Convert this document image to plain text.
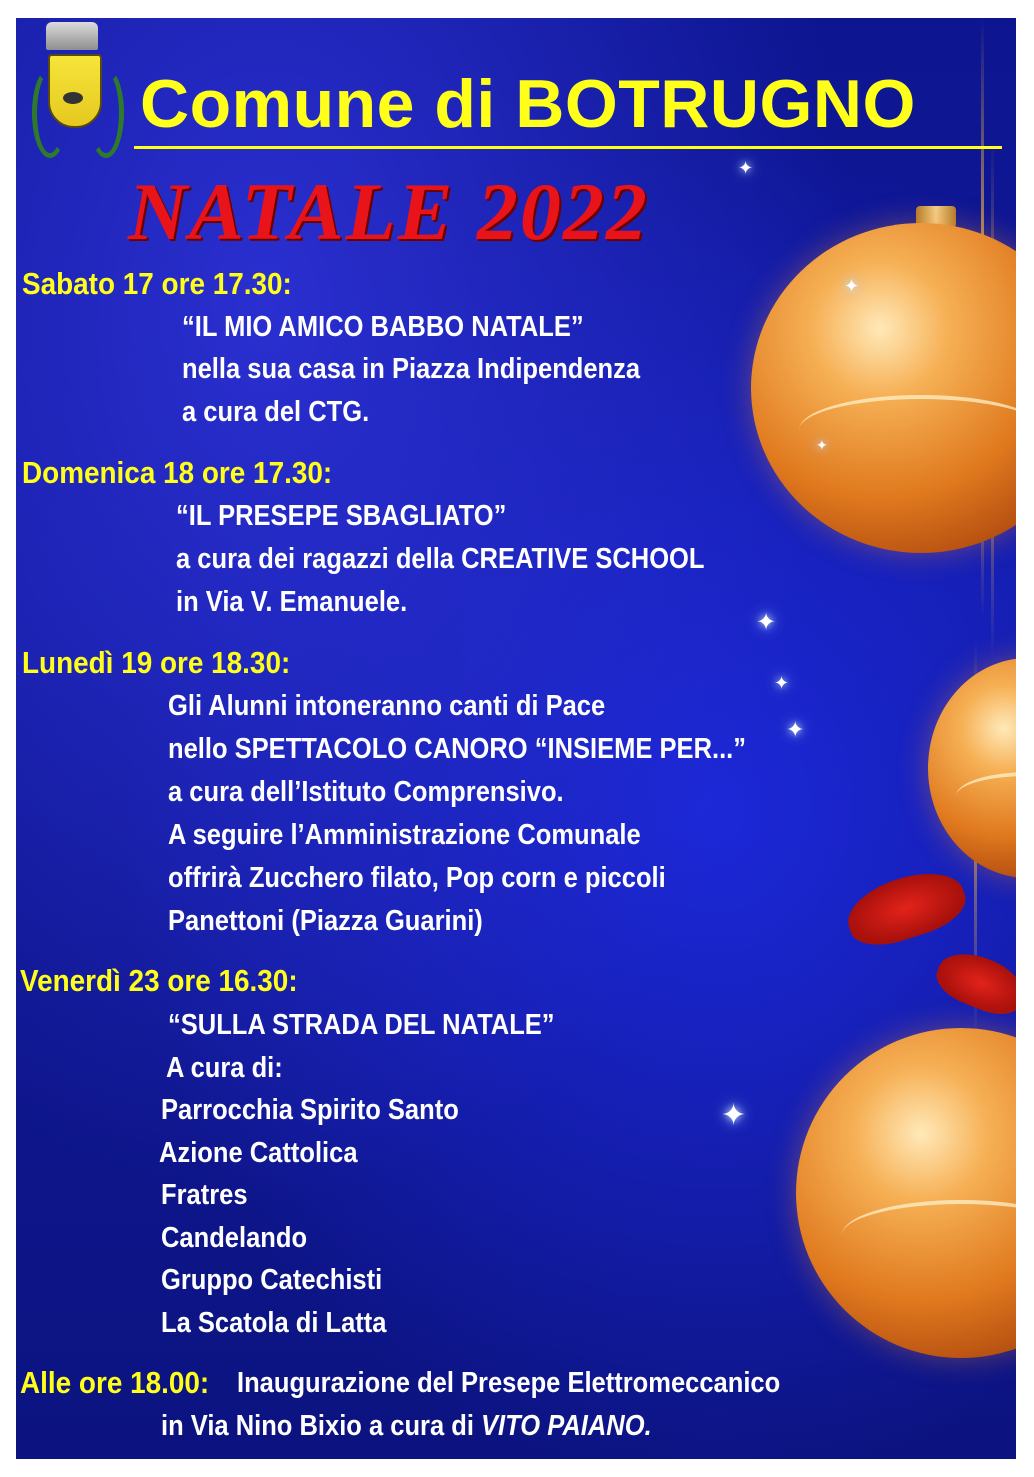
✦
✦
✦
✦
✦
✦
✦
Comune di BOTRUGNO
NATALE 2022
Sabato 17 ore 17.30:
“IL MIO AMICO BABBO NATALE”
nella sua casa in Piazza Indipendenza
a cura del CTG.
Domenica 18 ore 17.30:
“IL PRESEPE SBAGLIATO”
a cura dei ragazzi della CREATIVE SCHOOL
in Via V. Emanuele.
Lunedì 19 ore 18.30:
Gli Alunni intoneranno canti di Pace
nello SPETTACOLO CANORO “INSIEME PER...”
a cura dell’Istituto Comprensivo.
A seguire l’Amministrazione Comunale
offrirà Zucchero filato, Pop corn e piccoli
Panettoni (Piazza Guarini)
Venerdì 23 ore 16.30:
“SULLA STRADA DEL NATALE”
A cura di:
Parrocchia Spirito Santo
Azione Cattolica
Fratres
Candelando
Gruppo Catechisti
La Scatola di Latta
Alle ore 18.00: Inaugurazione del Presepe Elettromeccanico
in Via Nino Bixio a cura di VITO PAIANO.
